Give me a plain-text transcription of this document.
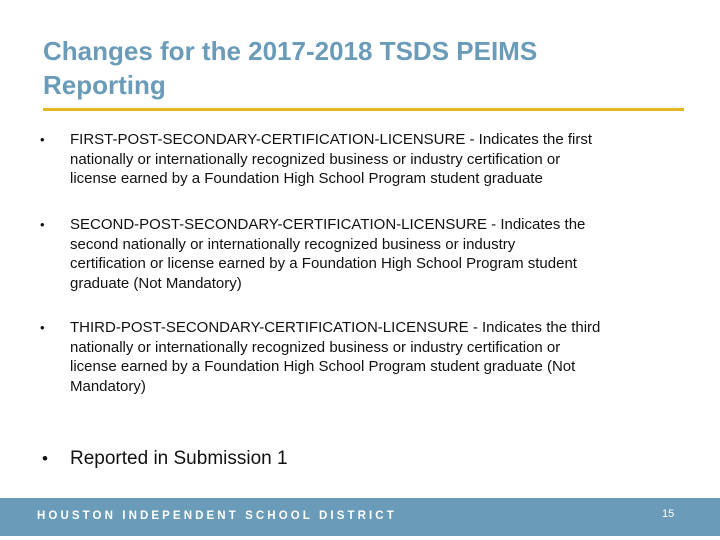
Changes for the 2017-2018 TSDS PEIMS
Reporting
•	FIRST-POST-SECONDARY-CERTIFICATION-LICENSURE - Indicates the first
nationally or internationally recognized business or industry certification or
license earned by a Foundation High School Program student graduate
•	SECOND-POST-SECONDARY-CERTIFICATION-LICENSURE - Indicates the
second nationally or internationally recognized business or industry
certification or license earned by a Foundation High School Program student
graduate (Not Mandatory)
•	THIRD-POST-SECONDARY-CERTIFICATION-LICENSURE - Indicates the third
nationally or internationally recognized business or industry certification or
license earned by a Foundation High School Program student graduate (Not
Mandatory)
•	Reported in Submission 1
HOUSTON INDEPENDENT SCHOOL DISTRICT	15
